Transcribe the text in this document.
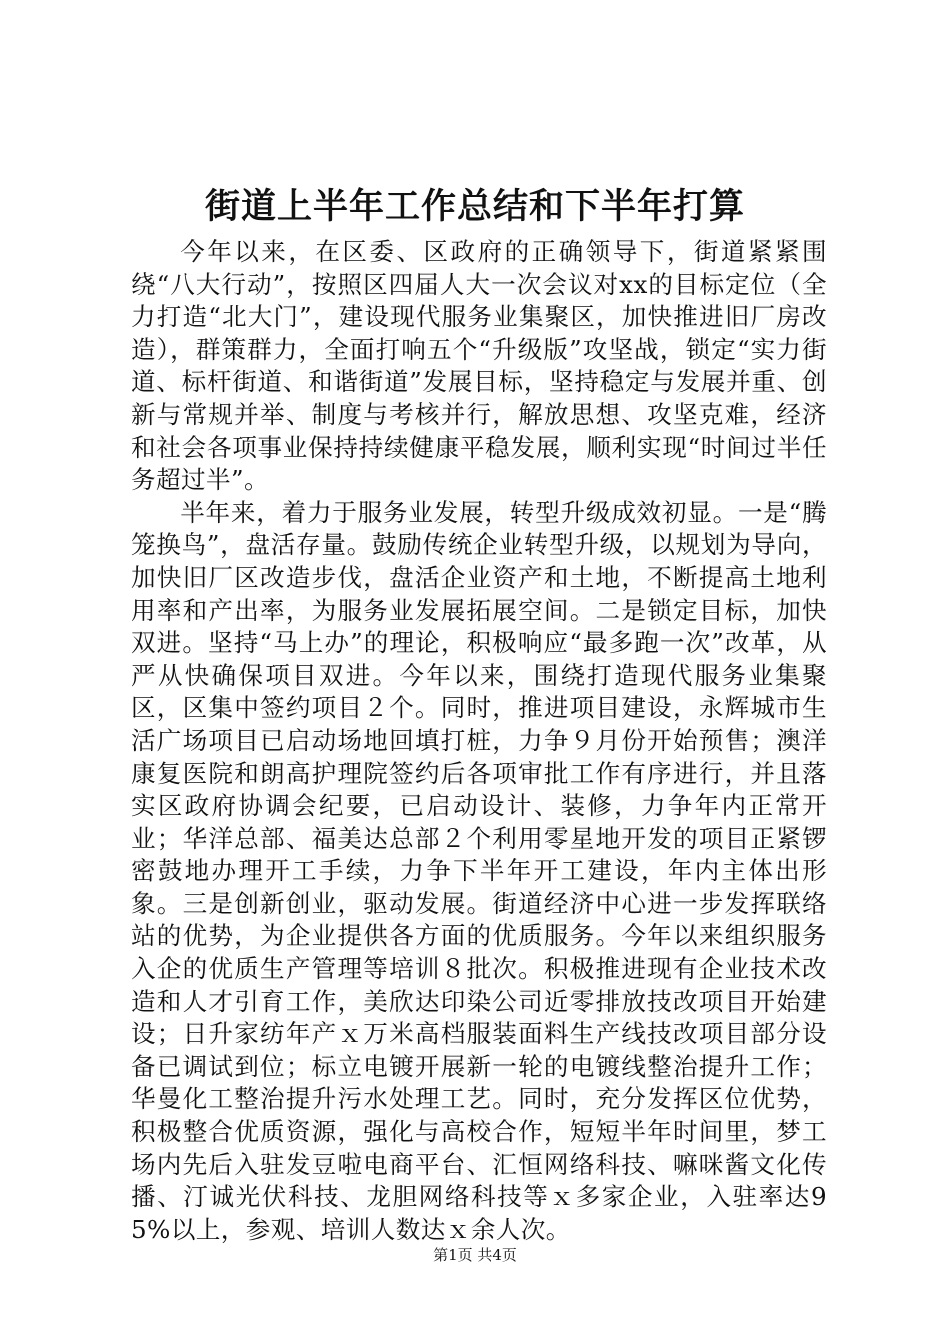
街道上半年工作总结和下半年打算

今年以来，在区委、区政府的正确领导下，街道紧紧围绕“八大行动”，按照区四届人大一次会议对xx的目标定位（全力打造“北大门”，建设现代服务业集聚区，加快推进旧厂房改造），群策群力，全面打响五个“升级版”攻坚战，锁定“实力街道、标杆街道、和谐街道”发展目标，坚持稳定与发展并重、创新与常规并举、制度与考核并行，解放思想、攻坚克难，经济和社会各项事业保持持续健康平稳发展，顺利实现“时间过半任务超过半”。

半年来，着力于服务业发展，转型升级成效初显。一是“腾笼换鸟”，盘活存量。鼓励传统企业转型升级，以规划为导向，加快旧厂区改造步伐，盘活企业资产和土地，不断提高土地利用率和产出率，为服务业发展拓展空间。二是锁定目标，加快双进。坚持“马上办”的理论，积极响应“最多跑一次”改革，从严从快确保项目双进。今年以来，围绕打造现代服务业集聚区，区集中签约项目２个。同时，推进项目建设，永辉城市生活广场项目已启动场地回填打桩，力争９月份开始预售；澳洋康复医院和朗高护理院签约后各项审批工作有序进行，并且落实区政府协调会纪要，已启动设计、装修，力争年内正常开业；华洋总部、福美达总部２个利用零星地开发的项目正紧锣密鼓地办理开工手续，力争下半年开工建设，年内主体出形象。三是创新创业，驱动发展。街道经济中心进一步发挥联络站的优势，为企业提供各方面的优质服务。今年以来组织服务入企的优质生产管理等培训８批次。积极推进现有企业技术改造和人才引育工作，美欣达印染公司近零排放技改项目开始建设；日升家纺年产ｘ万米高档服装面料生产线技改项目部分设备已调试到位；标立电镀开展新一轮的电镀线整治提升工作；华曼化工整治提升污水处理工艺。同时，充分发挥区位优势，积极整合优质资源，强化与高校合作，短短半年时间里，梦工场内先后入驻发豆啦电商平台、汇恒网络科技、嘛咪酱文化传播、汀诚光伏科技、龙胆网络科技等ｘ多家企业，入驻率达95%以上，参观、培训人数达ｘ余人次。

第1页 共4页
